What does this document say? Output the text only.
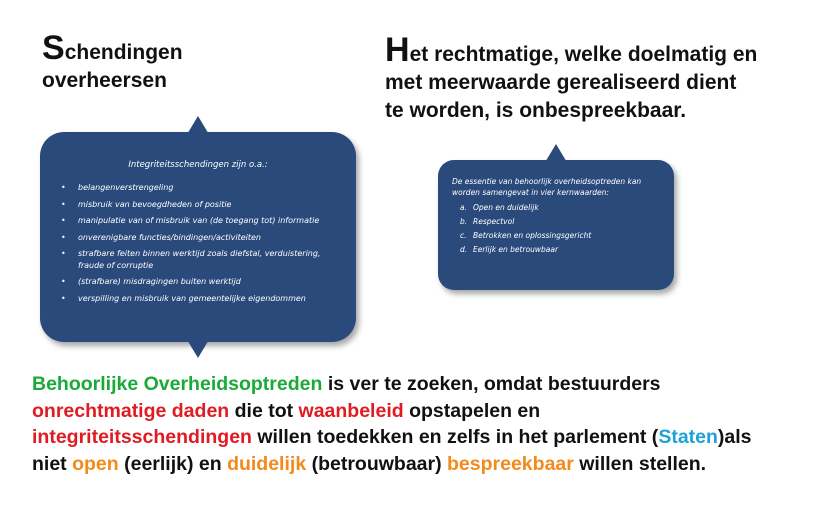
Schendingen
overheersen
Het rechtmatige, welke doelmatig en
met meerwaarde gerealiseerd dient
te worden, is onbespreekbaar.
Integriteitsschendingen zijn o.a.:
• belangenverstrengeling
• misbruik van bevoegdheden of positie
• manipulatie van of misbruik van (de toegang tot) informatie
• onverenigbare functies/bindingen/activiteiten
• strafbare feiten binnen werktijd zoals diefstal, verduistering, fraude of corruptie
• (strafbare) misdragingen buiten werktijd
• verspilling en misbruik van gemeentelijke eigendommen
De essentie van behoorlijk overheidsoptreden kan worden samengevat in vier kernwaarden:
a. Open en duidelijk
b. Respectvol
c. Betrokken en oplossingsgericht
d. Eerlijk en betrouwbaar
Behoorlijke Overheidsoptreden is ver te zoeken, omdat bestuurders
onrechtmatige daden die tot waanbeleid opstapelen en
integriteitsschendingen willen toedekken en zelfs in het parlement (Staten)als
niet open (eerlijk) en duidelijk (betrouwbaar) bespreekbaar willen stellen.
